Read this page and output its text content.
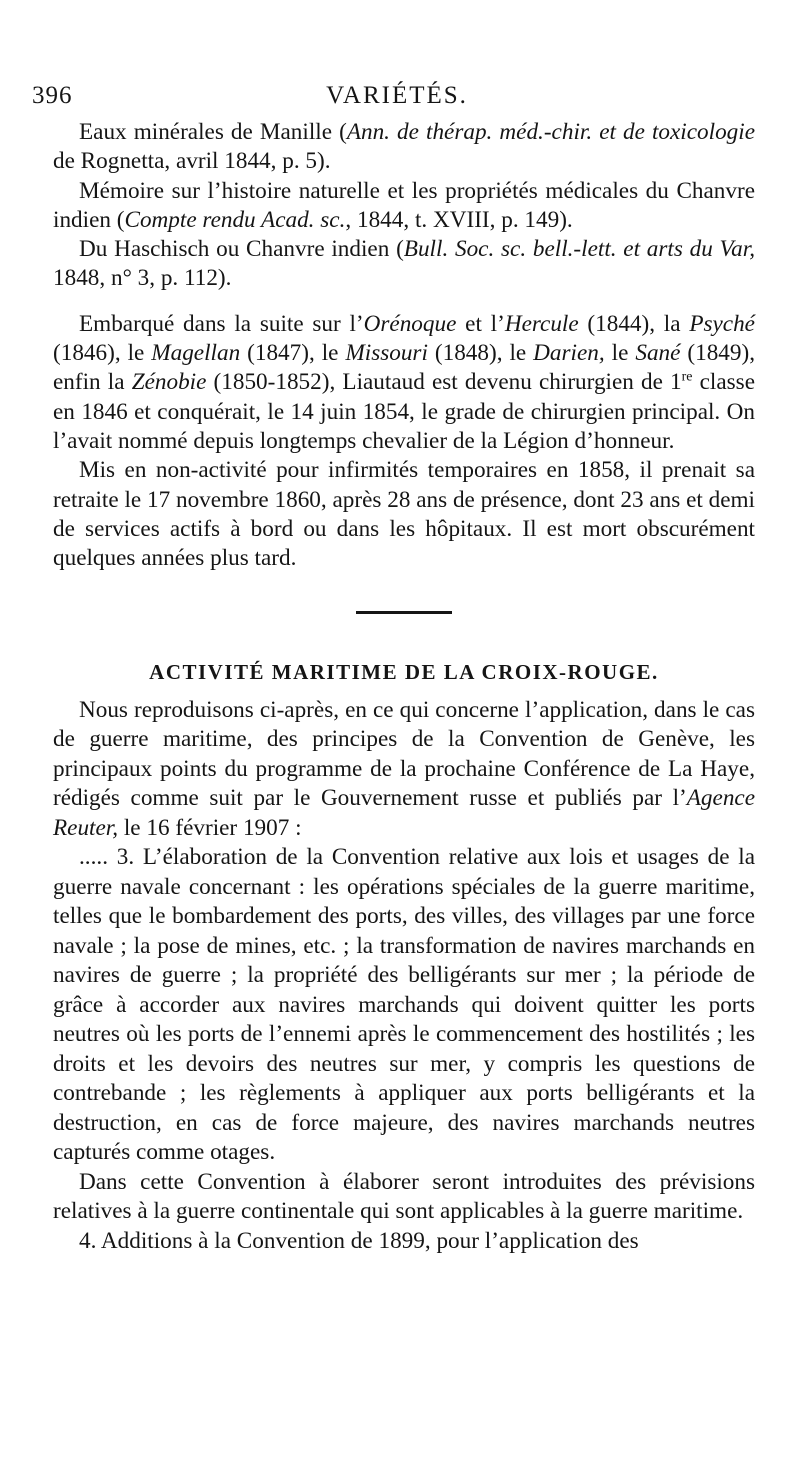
396	VARIÉTÉS.

Eaux minérales de Manille (Ann. de thérap. méd.-chir. et de toxicologie de Rognetta, avril 1844, p. 5).

Mémoire sur l’histoire naturelle et les propriétés médicales du Chanvre indien (Compte rendu Acad. sc., 1844, t. XVIII, p. 149).

Du Haschisch ou Chanvre indien (Bull. Soc. sc. bell.-lett. et arts du Var, 1848, n° 3, p. 112).

Embarqué dans la suite sur l’Orénoque et l’Hercule (1844), la Psyché (1846), le Magellan (1847), le Missouri (1848), le Darien, le Sané (1849), enfin la Zénobie (1850-1852), Liautaud est devenu chirurgien de 1re classe en 1846 et conquérait, le 14 juin 1854, le grade de chirurgien principal. On l’avait nommé depuis longtemps chevalier de la Légion d’honneur.

Mis en non-activité pour infirmités temporaires en 1858, il prenait sa retraite le 17 novembre 1860, après 28 ans de présence, dont 23 ans et demi de services actifs à bord ou dans les hôpitaux. Il est mort obscurément quelques années plus tard.

ACTIVITÉ MARITIME DE LA CROIX-ROUGE.

Nous reproduisons ci-après, en ce qui concerne l’application, dans le cas de guerre maritime, des principes de la Convention de Genève, les principaux points du programme de la prochaine Conférence de La Haye, rédigés comme suit par le Gouvernement russe et publiés par l’Agence Reuter, le 16 février 1907 :

..... 3. L’élaboration de la Convention relative aux lois et usages de la guerre navale concernant : les opérations spéciales de la guerre maritime, telles que le bombardement des ports, des villes, des villages par une force navale ; la pose de mines, etc. ; la transformation de navires marchands en navires de guerre ; la propriété des belligérants sur mer ; la période de grâce à accorder aux navires marchands qui doivent quitter les ports neutres où les ports de l’ennemi après le commencement des hostilités ; les droits et les devoirs des neutres sur mer, y compris les questions de contrebande ; les règlements à appliquer aux ports belligérants et la destruction, en cas de force majeure, des navires marchands neutres capturés comme otages.

Dans cette Convention à élaborer seront introduites des prévisions relatives à la guerre continentale qui sont applicables à la guerre maritime.

4. Additions à la Convention de 1899, pour l’application des
